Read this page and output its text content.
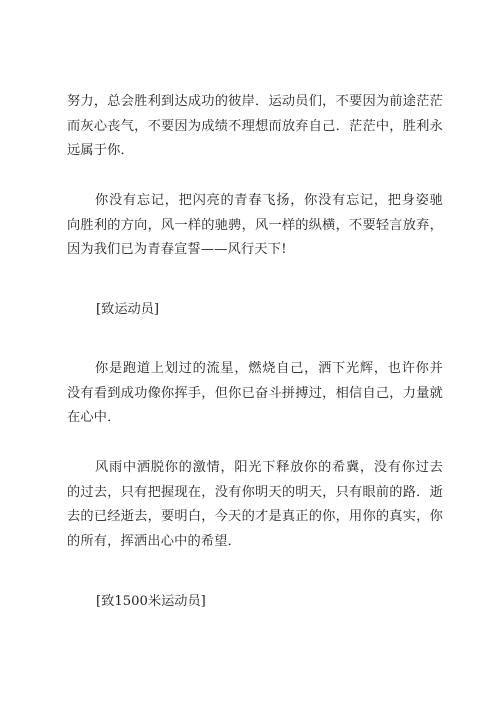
努力，总会胜利到达成功的彼岸．运动员们，不要因为前途茫茫而灰心丧气，不要因为成绩不理想而放弃自己．茫茫中，胜利永远属于你．

你没有忘记，把闪亮的青春飞扬，你没有忘记，把身姿驰向胜利的方向，风一样的驰骋，风一样的纵横，不要轻言放弃，因为我们已为青春宣誓——风行天下!

[致运动员]

你是跑道上划过的流星，燃烧自己，洒下光辉，也许你并没有看到成功像你挥手，但你已奋斗拼搏过，相信自己，力量就在心中．

风雨中洒脱你的激情，阳光下释放你的希冀，没有你过去的过去，只有把握现在，没有你明天的明天，只有眼前的路．逝去的已经逝去，要明白，今天的才是真正的你，用你的真实，你的所有，挥洒出心中的希望．

[致1500米运动员]
